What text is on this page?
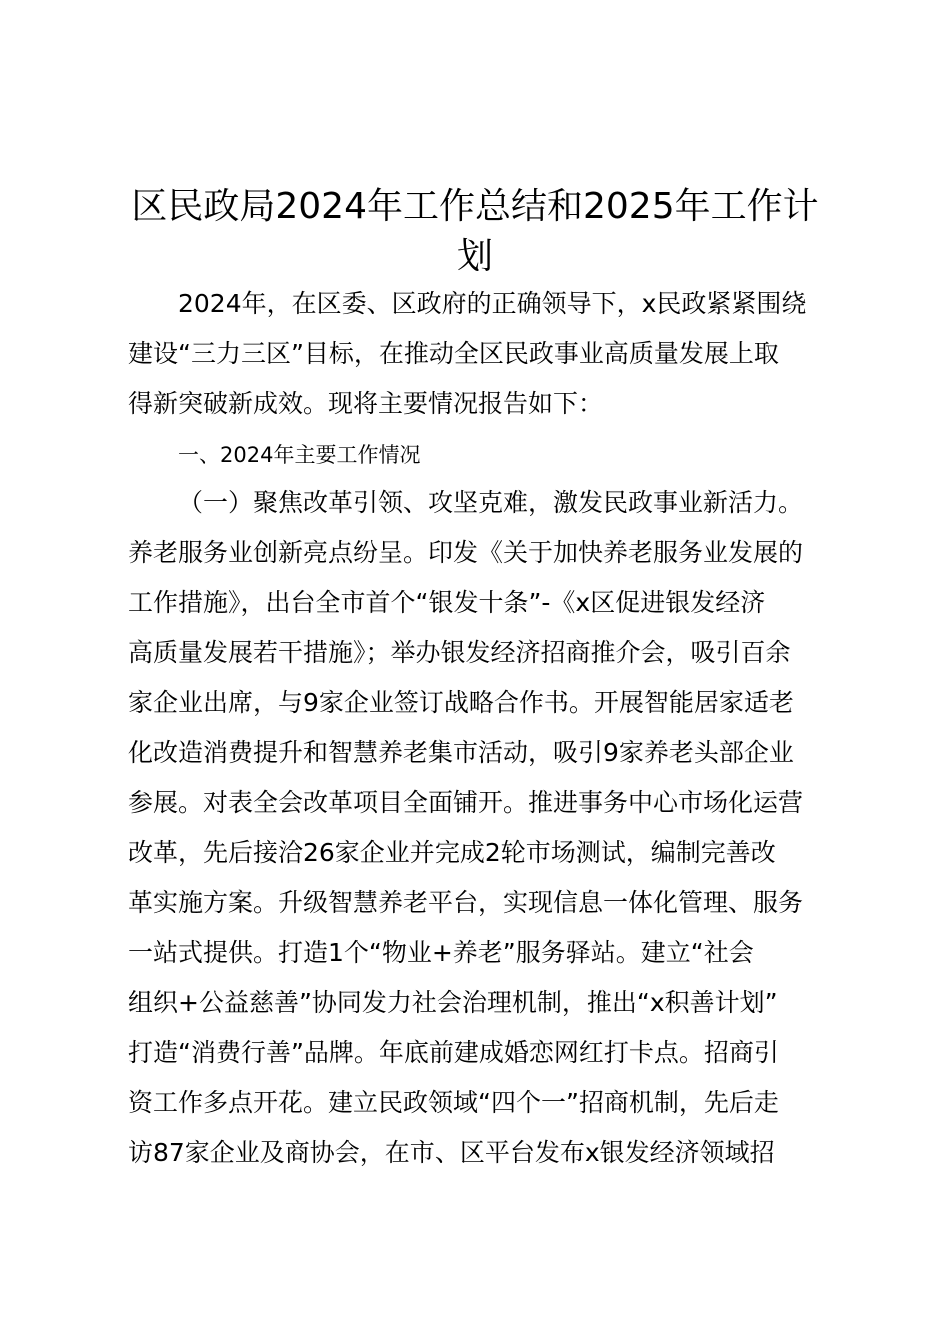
区民政局2024年工作总结和2025年工作计
划
2024年，在区委、区政府的正确领导下，x民政紧紧围绕
建设“三力三区”目标，在推动全区民政事业高质量发展上取
得新突破新成效。现将主要情况报告如下：
一、2024年主要工作情况
（一）聚焦改革引领、攻坚克难，激发民政事业新活力。
养老服务业创新亮点纷呈。印发《关于加快养老服务业发展的
工作措施》，出台全市首个“银发十条”-《x区促进银发经济
高质量发展若干措施》；举办银发经济招商推介会，吸引百余
家企业出席，与9家企业签订战略合作书。开展智能居家适老
化改造消费提升和智慧养老集市活动，吸引9家养老头部企业
参展。对表全会改革项目全面铺开。推进事务中心市场化运营
改革，先后接洽26家企业并完成2轮市场测试，编制完善改
革实施方案。升级智慧养老平台，实现信息一体化管理、服务
一站式提供。打造1个“物业+养老”服务驿站。建立“社会
组织+公益慈善”协同发力社会治理机制，推出“x积善计划”
打造“消费行善”品牌。年底前建成婚恋网红打卡点。招商引
资工作多点开花。建立民政领域“四个一”招商机制，先后走
访87家企业及商协会，在市、区平台发布x银发经济领域招
